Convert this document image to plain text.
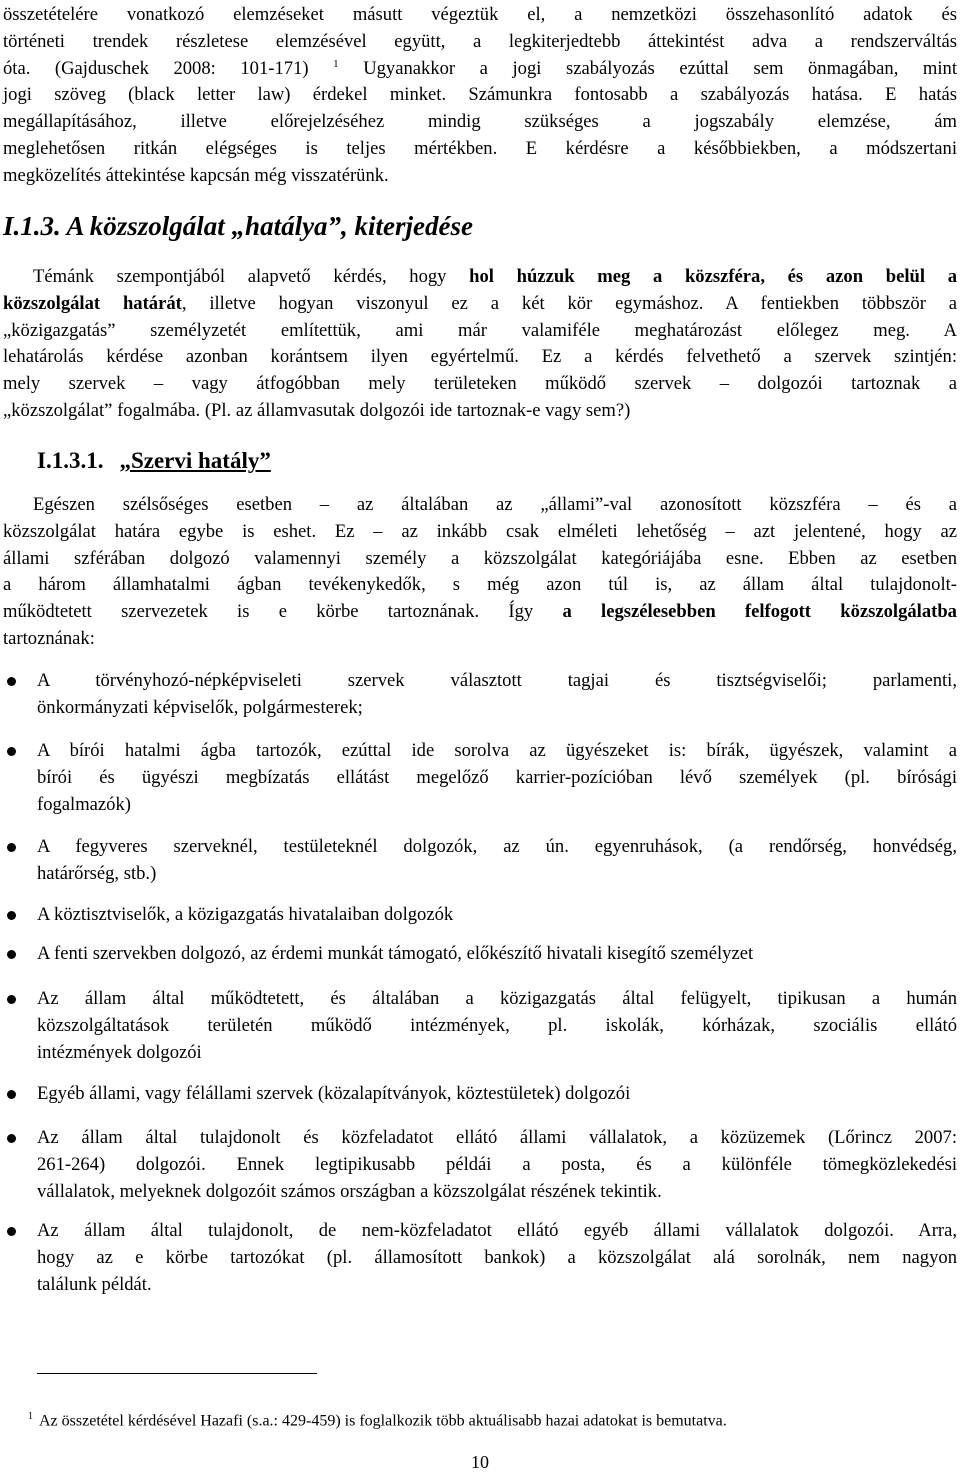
összetételére vonatkozó elemzéseket másutt végeztük el, a nemzetközi összehasonlító adatok és
történeti trendek részletese elemzésével együtt, a legkiterjedtebb áttekintést adva a rendszerváltás
óta. (Gajduschek 2008: 101-171) $^1$ Ugyanakkor a jogi szabályozás ezúttal sem önmagában, mint
jogi szöveg (black letter law) érdekel minket. Számunkra fontosabb a szabályozás hatása. E hatás
megállapításához, illetve előrejelzéséhez mindig szükséges a jogszabály elemzése, ám
meglehetősen ritkán elégséges is teljes mértékben. E kérdésre a későbbiekben, a módszertani
megközelítés áttekintése kapcsán még visszatérünk.
I.1.3. A közszolgálat „hatálya”, kiterjedése
Témánk szempontjából alapvető kérdés, hogy hol húzzuk meg a közszféra, és azon belül a
közszolgálat határát, illetve hogyan viszonyul ez a két kör egymáshoz. A fentiekben többször a
„közigazgatás” személyzetét említettük, ami már valamiféle meghatározást előlegez meg. A
lehatárolás kérdése azonban korántsem ilyen egyértelmű. Ez a kérdés felvethető a szervek szintjén:
mely szervek – vagy átfogóbban mely területeken működő szervek – dolgozói tartoznak a
„közszolgálat” fogalmába. (Pl. az államvasutak dolgozói ide tartoznak-e vagy sem?)
I.1.3.1. „Szervi hatály”
Egészen szélsőséges esetben – az általában az „állami”-val azonosított közszféra – és a
közszolgálat határa egybe is eshet. Ez – az inkább csak elméleti lehetőség – azt jelentené, hogy az
állami szférában dolgozó valamennyi személy a közszolgálat kategóriájába esne. Ebben az esetben
a három államhatalmi ágban tevékenykedők, s még azon túl is, az állam által tulajdonolt-
működtetett szervezetek is e körbe tartoznának. Így a legszélesebben felfogott közszolgálatba
tartoznának:
A törvényhozó-népképviseleti szervek választott tagjai és tisztségviselői; parlamenti,
önkormányzati képviselők, polgármesterek;
A bírói hatalmi ágba tartozók, ezúttal ide sorolva az ügyészeket is: bírák, ügyészek, valamint a
bírói és ügyészi megbízatás ellátást megelőző karrier-pozícióban lévő személyek (pl. bírósági
fogalmazók)
A fegyveres szerveknél, testületeknél dolgozók, az ún. egyenruhások, (a rendőrség, honvédség,
határőrség, stb.)
A köztisztviselők, a közigazgatás hivatalaiban dolgozók
A fenti szervekben dolgozó, az érdemi munkát támogató, előkészítő hivatali kisegítő személyzet
Az állam által működtetett, és általában a közigazgatás által felügyelt, tipikusan a humán
közszolgáltatások területén működő intézmények, pl. iskolák, kórházak, szociális ellátó
intézmények dolgozói
Egyéb állami, vagy félállami szervek (közalapítványok, köztestületek) dolgozói
Az állam által tulajdonolt és közfeladatot ellátó állami vállalatok, a közüzemek (Lőrincz 2007:
261-264) dolgozói. Ennek legtipikusabb példái a posta, és a különféle tömegközlekedési
vállalatok, melyeknek dolgozóit számos országban a közszolgálat részének tekintik.
Az állam által tulajdonolt, de nem-közfeladatot ellátó egyéb állami vállalatok dolgozói. Arra,
hogy az e körbe tartozókat (pl. államosított bankok) a közszolgálat alá sorolnák, nem nagyon
találunk példát.
$^1$ Az összetétel kérdésével Hazafi (s.a.: 429-459) is foglalkozik több aktuálisabb hazai adatokat is bemutatva.
10
